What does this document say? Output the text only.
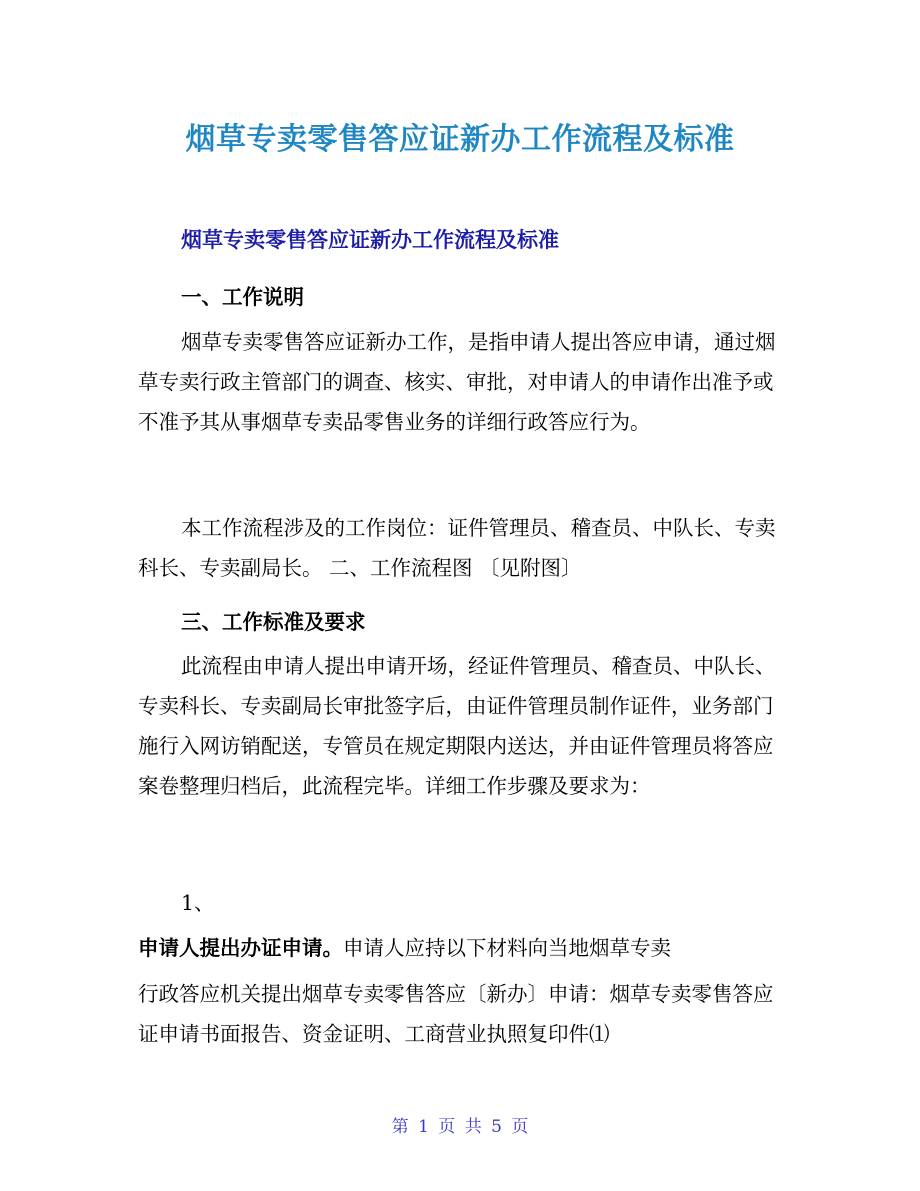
烟草专卖零售答应证新办工作流程及标准
烟草专卖零售答应证新办工作流程及标准
一、工作说明
烟草专卖零售答应证新办工作，是指申请人提出答应申请，通过烟草专卖行政主管部门的调查、核实、审批，对申请人的申请作出准予或不准予其从事烟草专卖品零售业务的详细行政答应行为。
本工作流程涉及的工作岗位：证件管理员、稽查员、中队长、专卖科长、专卖副局长。 二、工作流程图 〔见附图〕
三、工作标准及要求
此流程由申请人提出申请开场，经证件管理员、稽查员、中队长、专卖科长、专卖副局长审批签字后，由证件管理员制作证件，业务部门施行入网访销配送，专管员在规定期限内送达，并由证件管理员将答应案卷整理归档后，此流程完毕。详细工作步骤及要求为：
1、
申请人提出办证申请。申请人应持以下材料向当地烟草专卖
行政答应机关提出烟草专卖零售答应〔新办〕申请：烟草专卖零售答应证申请书面报告、资金证明、工商营业执照复印件⑴
第 1 页 共 5 页
